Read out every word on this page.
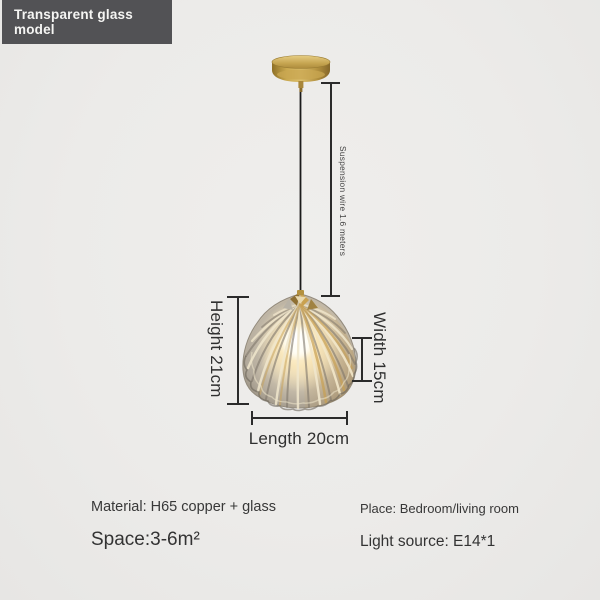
Transparent glass model
Suspension wire 1.6 meters
Height 21cm	Width 15cm
Length 20cm
Material: H65 copper + glass
Space:3-6m²
Place: Bedroom/living room
Light source: E14*1
